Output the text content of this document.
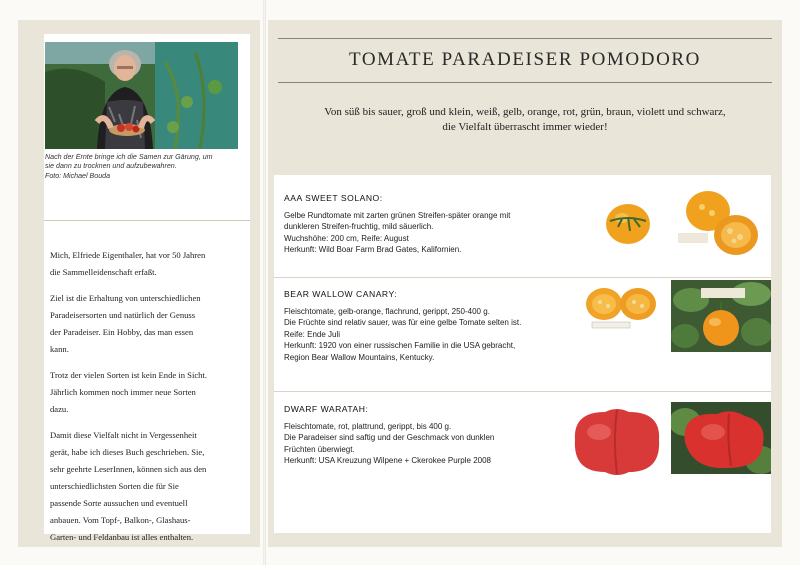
Nach der Ernte bringe ich die Samen zur Gärung, um
sie dann zu trocknen und aufzubewahren.
Foto: Michael Bouda

Mich, Elfriede Eigenthaler, hat vor 50 Jahren
die Sammelleidenschaft erfaßt.

Ziel ist die Erhaltung von unterschiedlichen
Paradeisersorten und natürlich der Genuss
der Paradeiser. Ein Hobby, das man essen
kann.

Trotz der vielen Sorten ist kein Ende in Sicht.
Jährlich kommen noch immer neue Sorten
dazu.

Damit diese Vielfalt nicht in Vergessenheit
gerät, habe ich dieses Buch geschrieben. Sie,
sehr geehrte LeserInnen, können sich aus den
unterschiedlichsten Sorten die für Sie
passende Sorte aussuchen und eventuell
anbauen. Vom Topf-, Balkon-, Glashaus-
Garten- und Feldanbau ist alles enthalten.

TOMATE PARADEISER POMODORO
Von süß bis sauer, groß und klein, weiß, gelb, orange, rot, grün, braun, violett und schwarz,
die Vielfalt überrascht immer wieder!
AAA SWEET SOLANO:
Gelbe Rundtomate mit zarten grünen Streifen-später orange mit
dunkleren Streifen-fruchtig, mild säuerlich.
Wuchshöhe: 200 cm, Reife: August
Herkunft: Wild Boar Farm Brad Gates, Kalifornien.
BEAR WALLOW CANARY:
Fleischtomate, gelb-orange, flachrund, gerippt, 250-400 g.
Die Früchte sind relativ sauer, was für eine gelbe Tomate selten ist.
Reife: Ende Juli
Herkunft: 1920 von einer russischen Familie in die USA gebracht,
Region Bear Wallow Mountains, Kentucky.
DWARF WARATAH:
Fleischtomate, rot, plattrund, gerippt, bis 400 g.
Die Paradeiser sind saftig und der Geschmack von dunklen
Früchten überwiegt.
Herkunft: USA Kreuzung Wilpene + Ckerokee Purple 2008
